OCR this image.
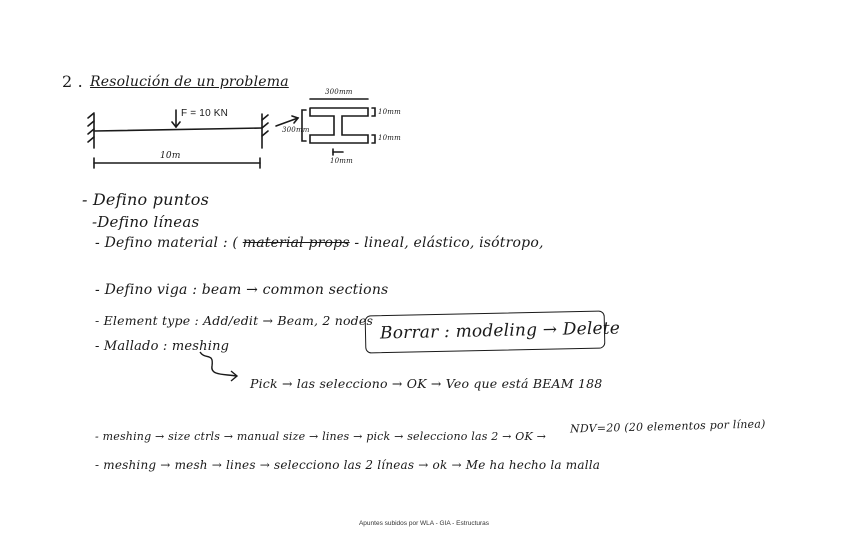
2 . Resolución de un problema
F = 10 KN
10m
300mm
300mm
10mm
10mm
10mm
- Defino puntos
-Defino líneas
- Defino material : ( material props - lineal, elástico, isótropo,
- Defino viga : beam → common sections
- Element type : Add/edit → Beam, 2 nodes
- Mallado : meshing
Pick → las selecciono → OK → Veo que está BEAM 188
- meshing → size ctrls → manual size → lines → pick → selecciono las 2 → OK →
NDV=20 (20 elementos por línea)
- meshing → mesh → lines → selecciono las 2 líneas → ok → Me ha hecho la malla
Borrar : modeling → Delete
Apuntes subidos por WLA - GIA - Estructuras
